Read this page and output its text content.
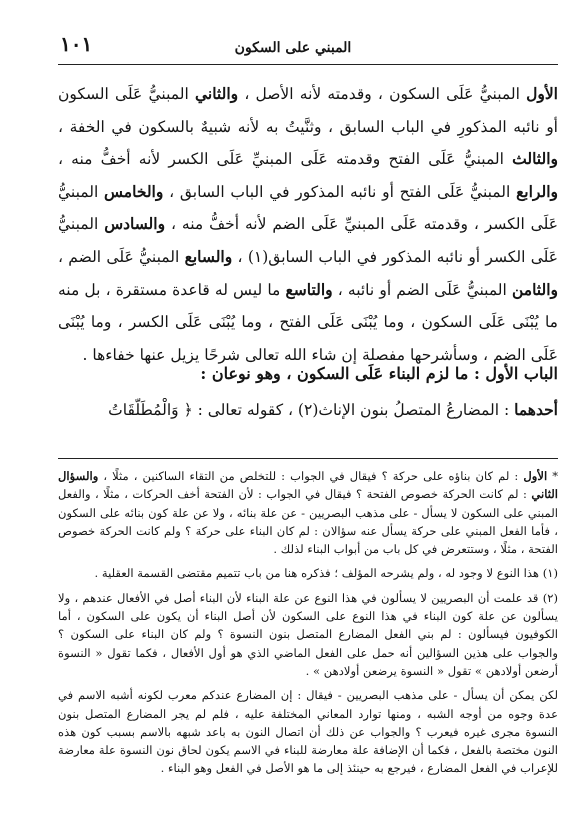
١٠١	المبني على السكون

الأول المبنيُّ عَلَى السكون ، وقدمته لأنه الأصل ، والثاني المبنيُّ عَلَى السكون أو نائبه المذكورِ في الباب السابق ، وثنَّيتُ به لأنه شبيهٌ بالسكون في الخفة ، والثالث المبنيُّ عَلَى الفتح وقدمته عَلَى المبنيِّ عَلَى الكسر لأنه أخفُّ منه ، والرابع المبنيُّ عَلَى الفتح أو نائبه المذكور في الباب السابق ، والخامس المبنيُّ عَلَى الكسر ، وقدمته عَلَى المبنيِّ عَلَى الضم لأنه أخفُّ منه ، والسادس المبنيُّ عَلَى الكسر أو نائبه المذكور في الباب السابق(١) ، والسابع المبنيُّ عَلَى الضم ، والثامن المبنيُّ عَلَى الضم أو نائبه ، والتاسع ما ليس له قاعدة مستقرة ، بل منه ما يُبْنَى عَلَى السكون ، وما يُبْنَى عَلَى الفتح ، وما يُبْنَى عَلَى الكسر ، وما يُبْنَى عَلَى الضم ، وسأشرحها مفصلة إن شاء الله تعالى شرحًا يزيل عنها خفاءها .

الباب الأول : ما لزم البناء عَلَى السكون ، وهو نوعان :
أحدهما : المضارعُ المتصلُ بنون الإناث(٢) ، كقوله تعالى : ﴿ وَالْمُطَلَّقَاتُ

* الأول : لم كان بناؤه على حركة ؟ فيقال في الجواب : للتخلص من التقاء الساكنين ، مثلًا ، والسؤال الثاني : لم كانت الحركة خصوص الفتحة ؟ فيقال في الجواب : لأن الفتحة أخف الحركات ، مثلًا ، والفعل المبني على السكون لا يسأل - على مذهب البصريين - عن علة بنائه ، ولا عن علة كون بنائه على السكون ، فأما الفعل المبني على حركة يسأل عنه سؤالان : لم كان البناء على حركة ؟ ولم كانت الحركة خصوص الفتحة ، مثلًا ، وستتعرض في كل باب من أبواب البناء لذلك .

(١) هذا النوع لا وجود له ، ولم يشرحه المؤلف ؛ فذكره هنا من باب تتميم مقتضى القسمة العقلية .

(٢) قد علمت أن البصريين لا يسألون في هذا النوع عن علة البناء لأن البناء أصل في الأفعال عندهم ، ولا يسألون عن علة كون البناء في هذا النوع على السكون لأن أصل البناء أن يكون على السكون ، أما الكوفيون فيسألون : لم بني الفعل المضارع المتصل بنون النسوة ؟ ولم كان البناء على السكون ؟ والجواب على هذين السؤالين أنه حمل على الفعل الماضي الذي هو أول الأفعال ، فكما تقول « النسوة أرضعن أولادهن » تقول « النسوة يرضعن أولادهن » .

لكن يمكن أن يسأل - على مذهب البصريين - فيقال : إن المضارع عندكم معرب لكونه أشبه الاسم في عدة وجوه من أوجه الشبه ، ومنها توارد المعاني المختلفة عليه ، فلم لم يجر المضارع المتصل بنون النسوة مجرى غيره فيعرب ؟ والجواب عن ذلك أن اتصال النون به باعد شبهه بالاسم بسبب كون هذه النون مختصة بالفعل ، فكما أن الإضافة علة معارضة للبناء في الاسم يكون لحاق نون النسوة علة معارضة للإعراب في الفعل المضارع ، فيرجع به حينئذ إلى ما هو الأصل في الفعل وهو البناء .
